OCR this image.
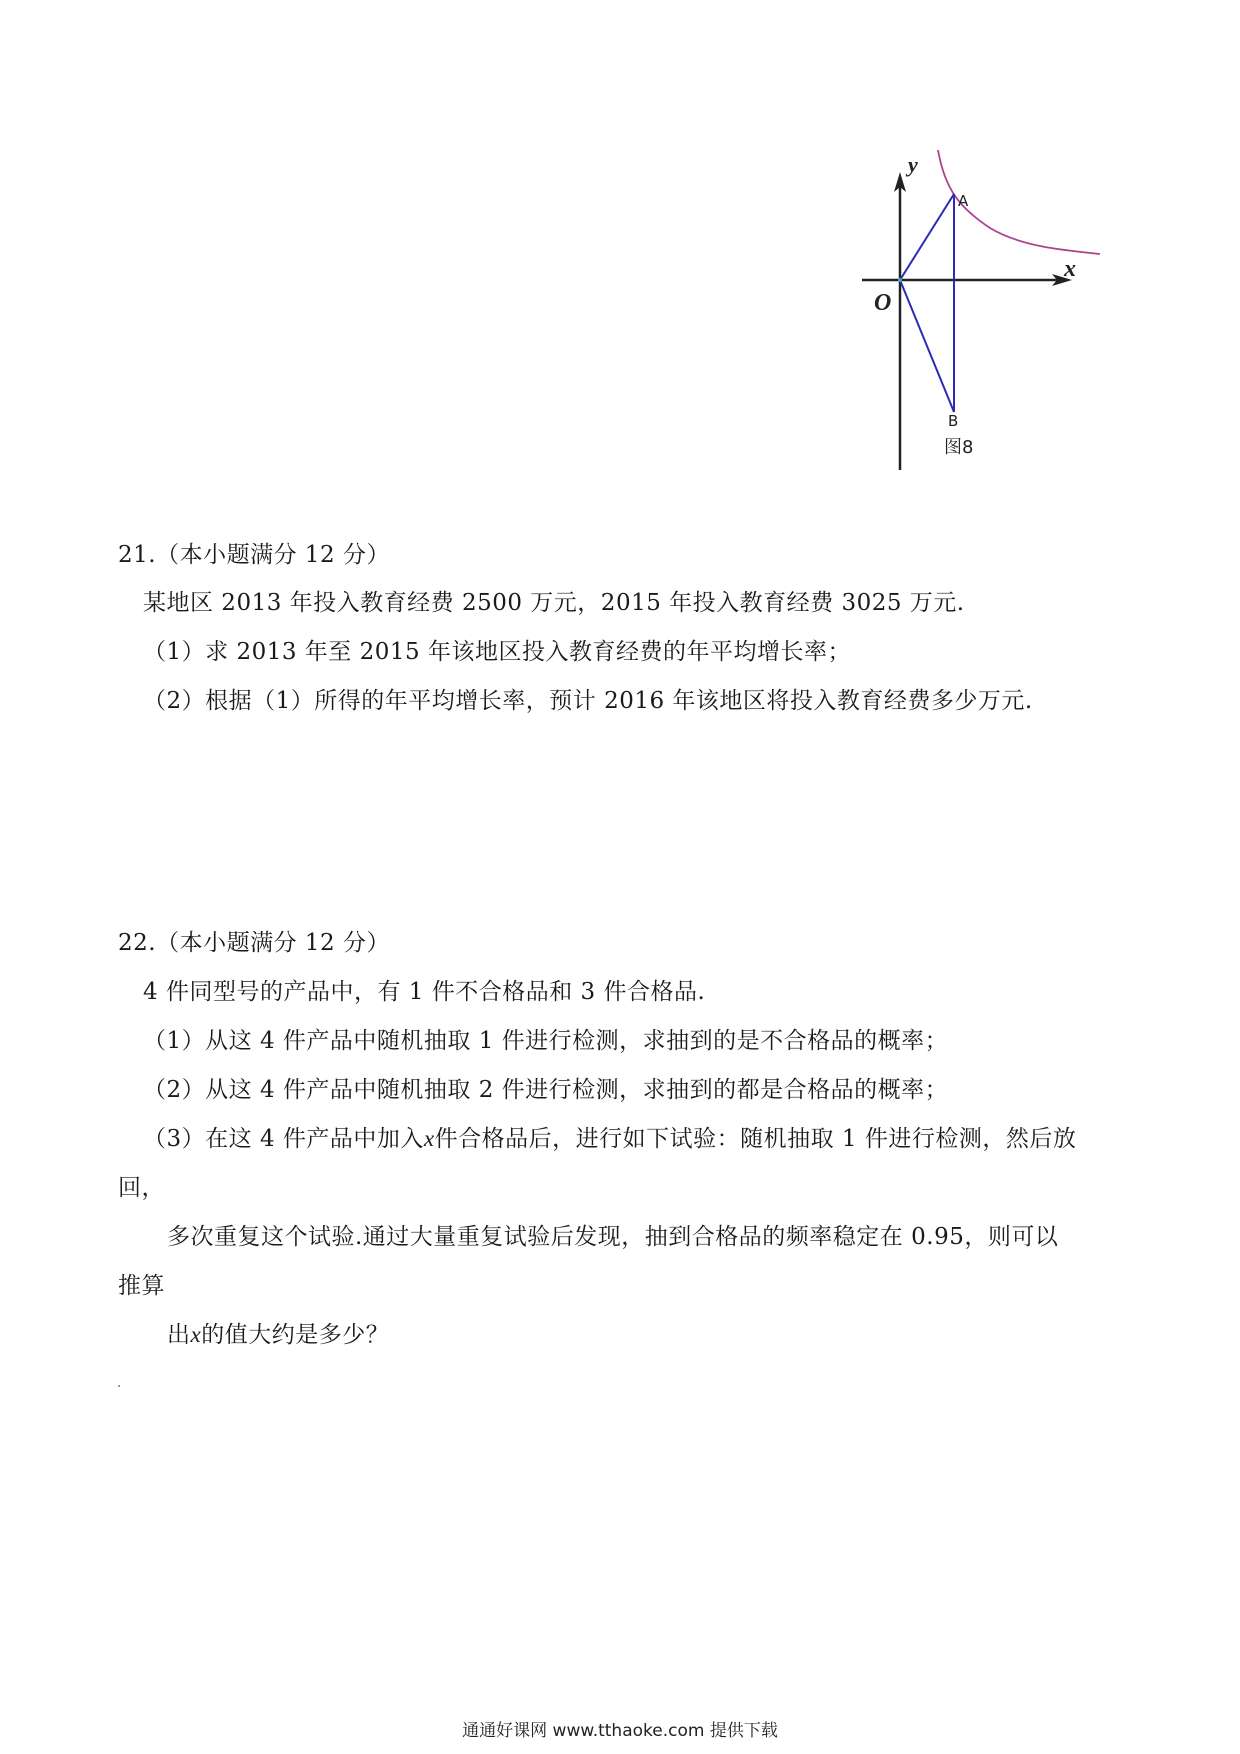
y
x
O
A
B
图8
21.（本小题满分 12 分）
某地区 2013 年投入教育经费 2500 万元，2015 年投入教育经费 3025 万元.
（1）求 2013 年至 2015 年该地区投入教育经费的年平均增长率；
（2）根据（1）所得的年平均增长率，预计 2016 年该地区将投入教育经费多少万元.
22.（本小题满分 12 分）
4 件同型号的产品中，有 1 件不合格品和 3 件合格品.
（1）从这 4 件产品中随机抽取 1 件进行检测，求抽到的是不合格品的概率；
（2）从这 4 件产品中随机抽取 2 件进行检测，求抽到的都是合格品的概率；
（3）在这 4 件产品中加入x件合格品后，进行如下试验：随机抽取 1 件进行检测，然后放
回，
多次重复这个试验.通过大量重复试验后发现，抽到合格品的频率稳定在 0.95，则可以
推算
出x的值大约是多少？
通通好课网 www.tthaoke.com 提供下载
